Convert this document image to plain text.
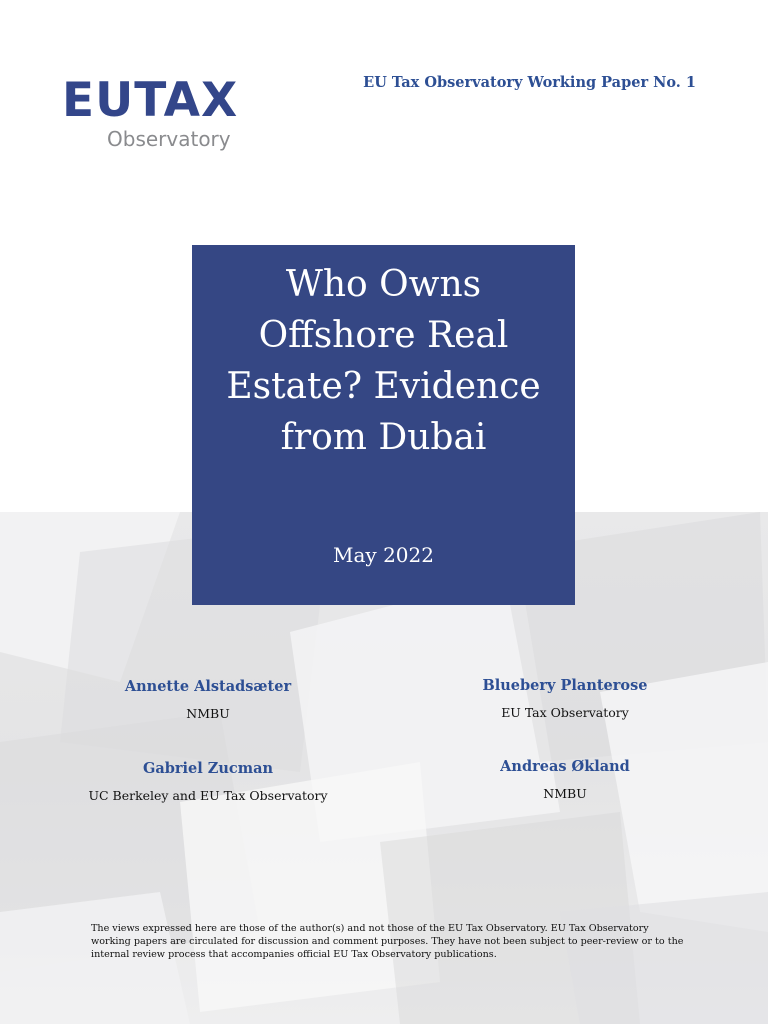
EUTAX
Observatory
EU Tax Observatory Working Paper No. 1
Who Owns Offshore Real Estate? Evidence from Dubai
May 2022
Annette Alstadsæter
NMBU
Bluebery Planterose
EU Tax Observatory
Gabriel Zucman
UC Berkeley and EU Tax Observatory
Andreas Økland
NMBU
The views expressed here are those of the author(s) and not those of the EU Tax Observatory. EU Tax Observatory working papers are circulated for discussion and comment purposes. They have not been subject to peer-review or to the internal review process that accompanies official EU Tax Observatory publications.
